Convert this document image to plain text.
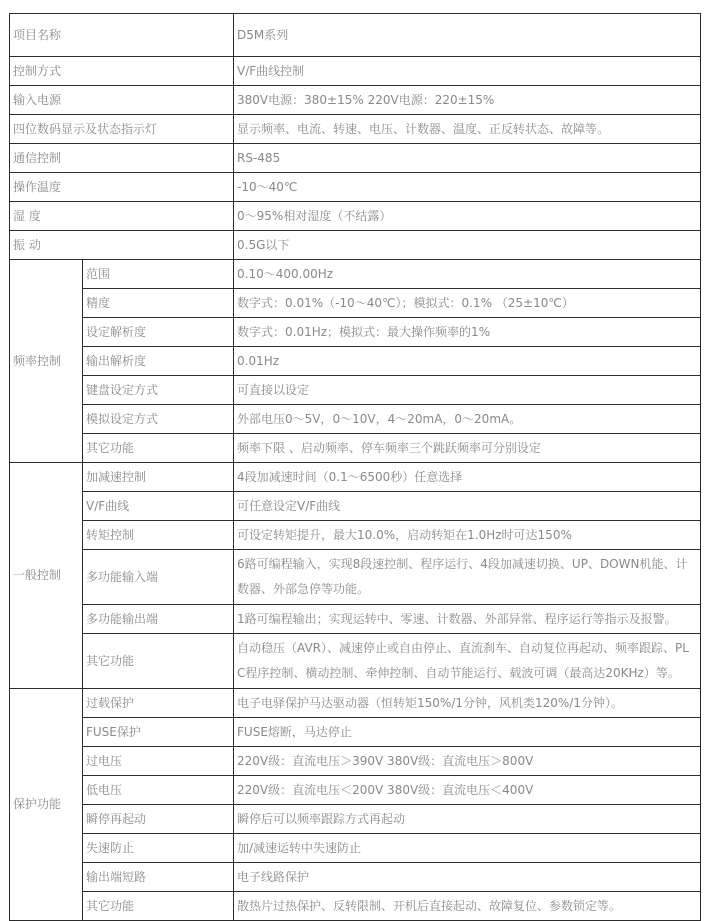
项目名称		D5M系列
控制方式		V/F曲线控制
输入电源		380V电源：380±15% 220V电源：220±15%
四位数码显示及状态指示灯		显示频率、电流、转速、电压、计数器、温度、正反转状态、故障等。
通信控制		RS-485
操作温度		-10～40℃
湿 度		0～95%相对湿度（不结露）
振 动		0.5G以下
频率控制	范围	0.10～400.00Hz
	精度	数字式：0.01%（-10～40℃）；模拟式：0.1% （25±10℃）
	设定解析度	数字式：0.01Hz；模拟式：最大操作频率的1%
	输出解析度	0.01Hz
	键盘设定方式	可直接以设定
	模拟设定方式	外部电压0～5V，0～10V，4～20mA，0～20mA。
	其它功能	频率下限 、启动频率、停车频率三个跳跃频率可分别设定
一般控制	加减速控制	4段加减速时间（0.1～6500秒）任意选择
	V/F曲线	可任意设定V/F曲线
	转矩控制	可设定转矩提升，最大10.0%，启动转矩在1.0Hz时可达150%
	多功能输入端	6路可编程输入，实现8段速控制、程序运行、4段加减速切换、UP、DOWN机能、计数器、外部急停等功能。
	多功能输出端	1路可编程输出；实现运转中、零速、计数器、外部异常、程序运行等指示及报警。
	其它功能	自动稳压（AVR）、减速停止或自由停止、直流刹车、自动复位再起动、频率跟踪、PLC程序控制、横动控制、牵伸控制、自动节能运行、载波可调（最高达20KHz）等。
保护功能	过载保护	电子电驿保护马达驱动器（恒转矩150%/1分钟，风机类120%/1分钟）。
	FUSE保护	FUSE熔断，马达停止
	过电压	220V级：直流电压＞390V 380V级：直流电压＞800V
	低电压	220V级：直流电压＜200V 380V级：直流电压＜400V
	瞬停再起动	瞬停后可以频率跟踪方式再起动
	失速防止	加/减速运转中失速防止
	输出端短路	电子线路保护
	其它功能	散热片过热保护、反转限制、开机后直接起动、故障复位、参数锁定等。
